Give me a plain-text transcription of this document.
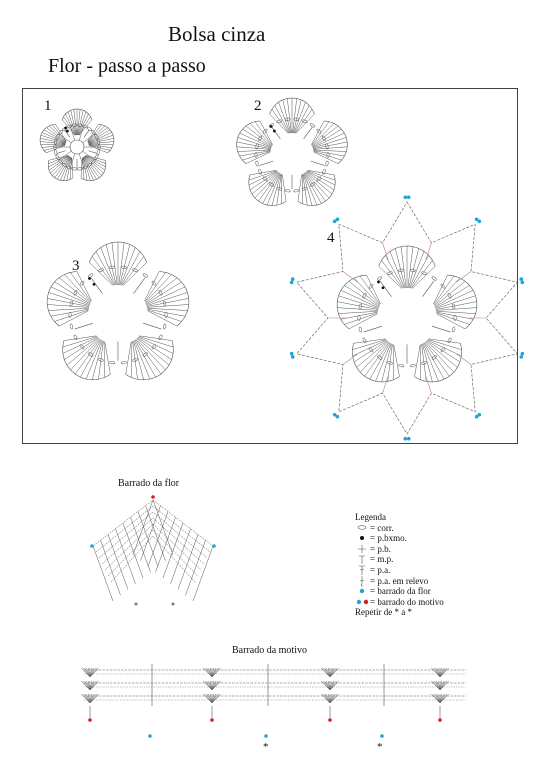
Bolsa cinza
Flor - passo a passo
1	2
3
4
Barrado da flor
Legenda
= corr.
= p.bxmo.
= p.b.
= m.p.
= p.a.
= p.a. em relevo
= barrado da flor
= barrado do motivo
Repetir de * a *
Barrado da motivo
*	*
